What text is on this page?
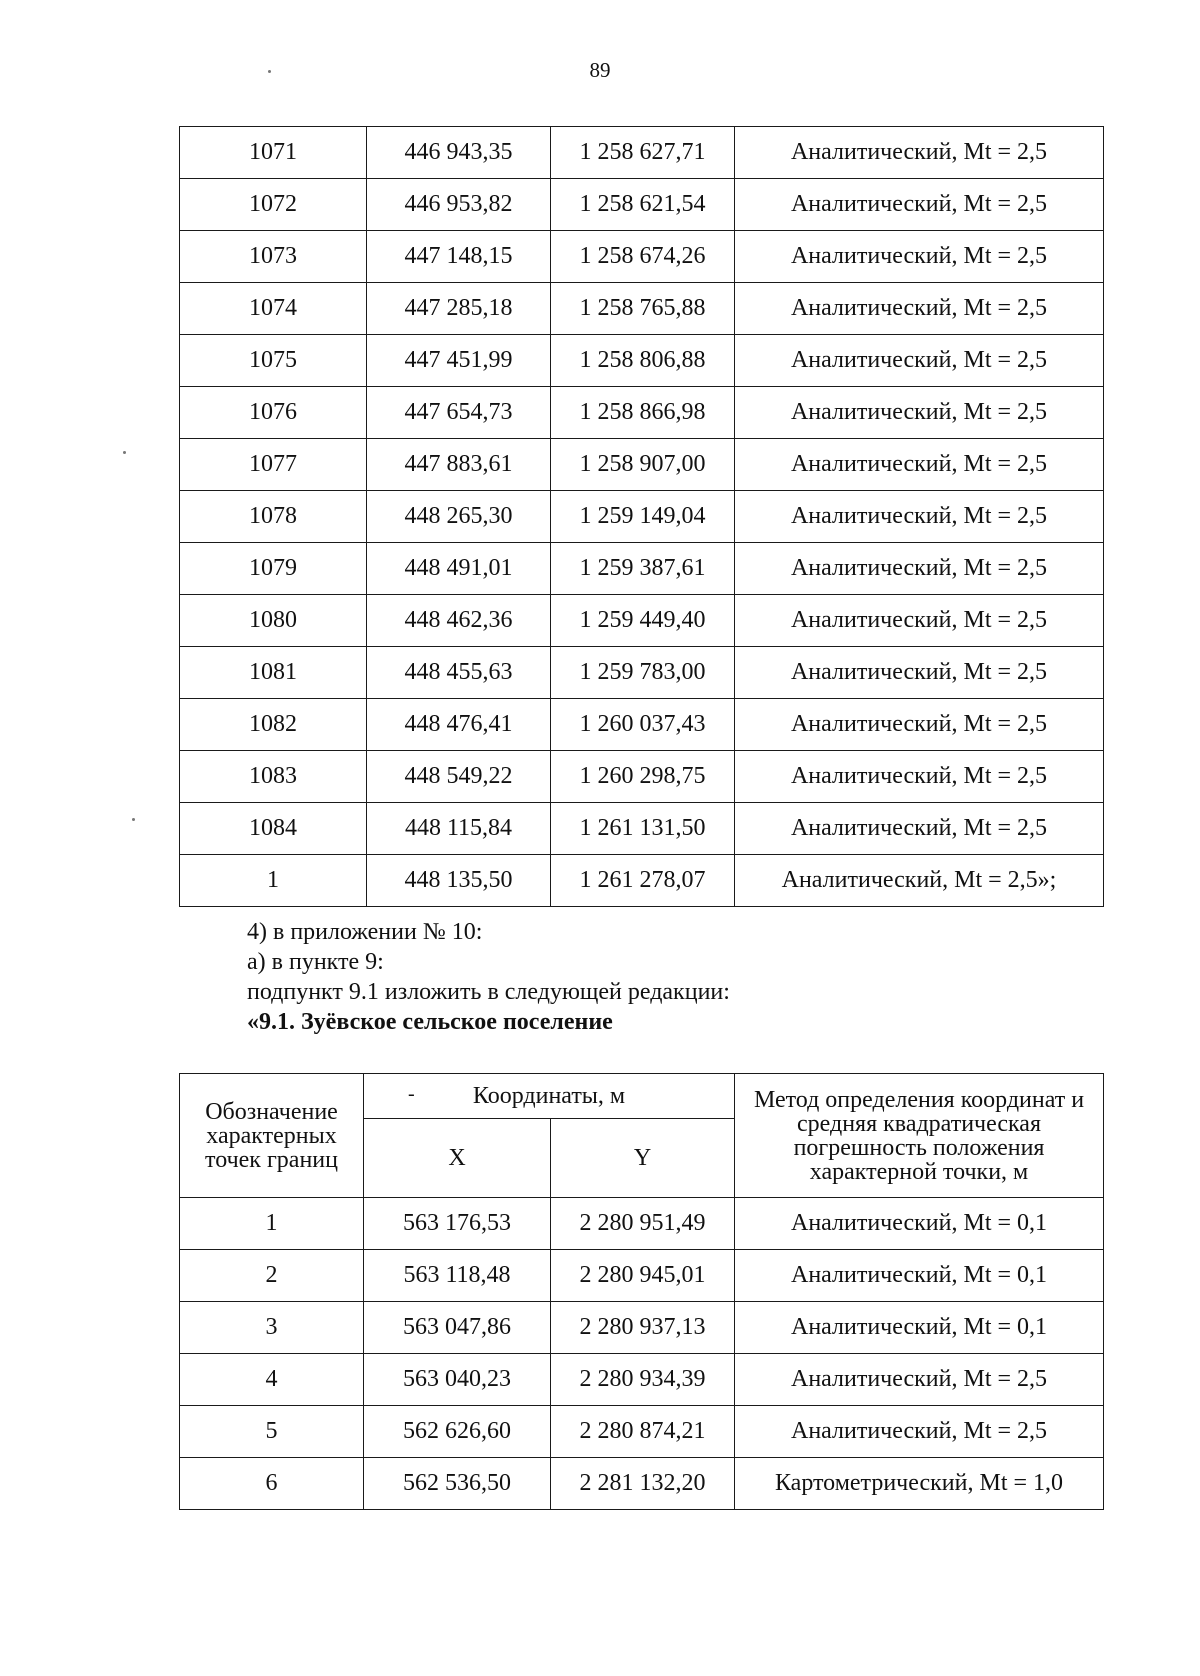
89
1071	446 943,35	1 258 627,71	Аналитический, Mt = 2,5
1072	446 953,82	1 258 621,54	Аналитический, Mt = 2,5
1073	447 148,15	1 258 674,26	Аналитический, Mt = 2,5
1074	447 285,18	1 258 765,88	Аналитический, Mt = 2,5
1075	447 451,99	1 258 806,88	Аналитический, Mt = 2,5
1076	447 654,73	1 258 866,98	Аналитический, Mt = 2,5
1077	447 883,61	1 258 907,00	Аналитический, Mt = 2,5
1078	448 265,30	1 259 149,04	Аналитический, Mt = 2,5
1079	448 491,01	1 259 387,61	Аналитический, Mt = 2,5
1080	448 462,36	1 259 449,40	Аналитический, Mt = 2,5
1081	448 455,63	1 259 783,00	Аналитический, Mt = 2,5
1082	448 476,41	1 260 037,43	Аналитический, Mt = 2,5
1083	448 549,22	1 260 298,75	Аналитический, Mt = 2,5
1084	448 115,84	1 261 131,50	Аналитический, Mt = 2,5
1	448 135,50	1 261 278,07	Аналитический, Mt = 2,5»;
4) в приложении № 10:
а) в пункте 9:
подпункт 9.1 изложить в следующей редакции:
«9.1. Зуёвское сельское поселение
Обозначение характерных точек границ	- Координаты, м		Метод определения координат и средняя квадратическая погрешность положения характерной точки, м
	X	Y	
1	563 176,53	2 280 951,49	Аналитический, Mt = 0,1
2	563 118,48	2 280 945,01	Аналитический, Mt = 0,1
3	563 047,86	2 280 937,13	Аналитический, Mt = 0,1
4	563 040,23	2 280 934,39	Аналитический, Mt = 2,5
5	562 626,60	2 280 874,21	Аналитический, Mt = 2,5
6	562 536,50	2 281 132,20	Картометрический, Mt = 1,0
